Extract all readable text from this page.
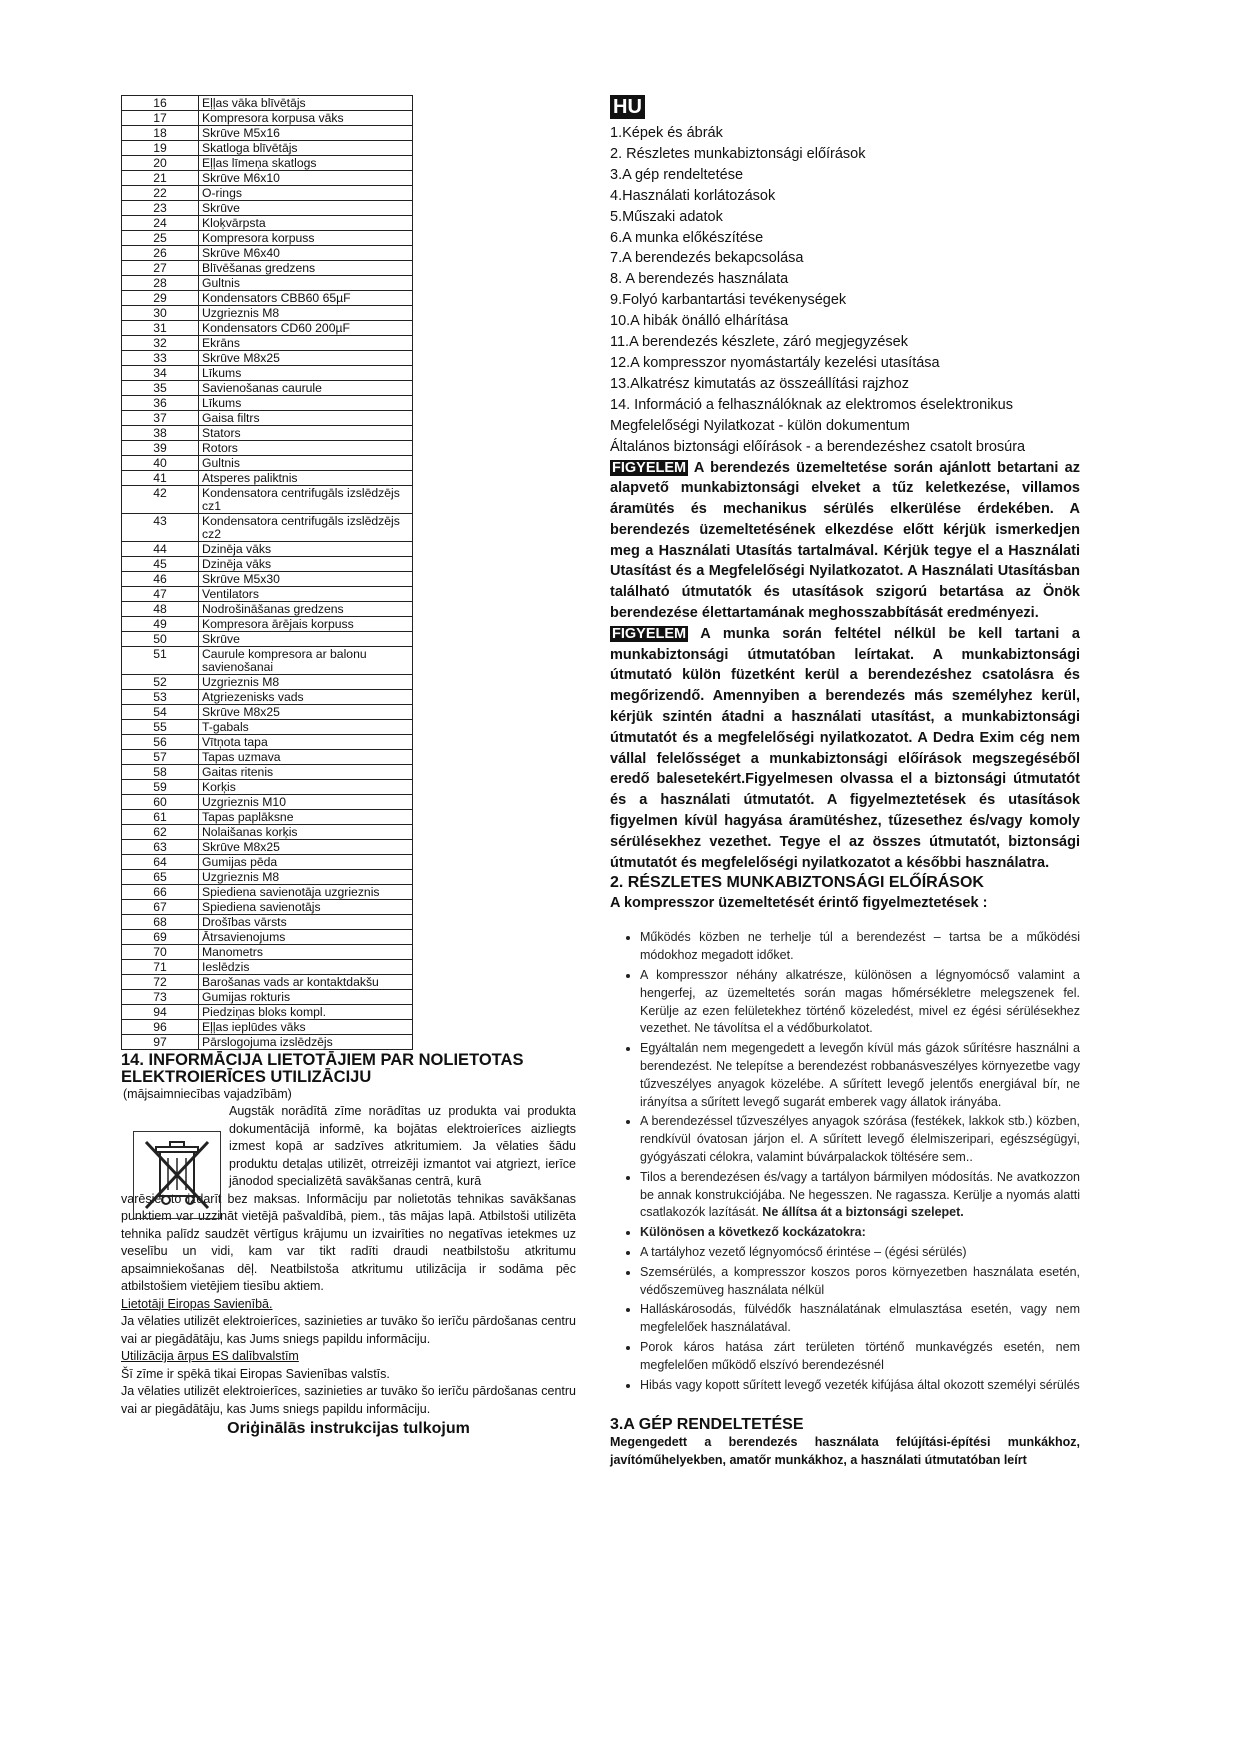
16	Eļļas vāka blīvētājs
17	Kompresora korpusa vāks
18	Skrūve M5x16
19	Skatloga blīvētājs
20	Eļļas līmeņa skatlogs
21	Skrūve M6x10
22	O-rings
23	Skrūve
24	Kloķvārpsta
25	Kompresora korpuss
26	Skrūve M6x40
27	Blīvēšanas gredzens
28	Gultnis
29	Kondensators CBB60 65µF
30	Uzgrieznis M8
31	Kondensators CD60 200µF
32	Ekrāns
33	Skrūve M8x25
34	Līkums
35	Savienošanas caurule
36	Līkums
37	Gaisa filtrs
38	Stators
39	Rotors
40	Gultnis
41	Atsperes paliktnis
42	Kondensatora centrifugāls izslēdzējs cz1
43	Kondensatora centrifugāls izslēdzējs cz2
44	Dzinēja vāks
45	Dzinēja vāks
46	Skrūve M5x30
47	Ventilators
48	Nodrošināšanas gredzens
49	Kompresora ārējais korpuss
50	Skrūve
51	Caurule kompresora ar balonu savienošanai
52	Uzgrieznis M8
53	Atgriezenisks vads
54	Skrūve M8x25
55	T-gabals
56	Vītņota tapa
57	Tapas uzmava
58	Gaitas ritenis
59	Korķis
60	Uzgrieznis M10
61	Tapas paplāksne
62	Nolaišanas korķis
63	Skrūve M8x25
64	Gumijas pēda
65	Uzgrieznis M8
66	Spiediena savienotāja uzgrieznis
67	Spiediena savienotājs
68	Drošības vārsts
69	Ātrsavienojums
70	Manometrs
71	Ieslēdzis
72	Barošanas vads ar kontaktdakšu
73	Gumijas rokturis
94	Piedziņas bloks kompl.
96	Eļļas ieplūdes vāks
97	Pārslogojuma izslēdzējs
14. INFORMĀCIJA LIETOTĀJIEM PAR NOLIETOTAS ELEKTROIERĪCES UTILIZĀCIJU
(mājsaimniecības vajadzībām)
Augstāk norādītā zīme norādītas uz produkta vai produkta dokumentācijā informē, ka bojātas elektroierīces aizliegts izmest kopā ar sadzīves atkritumiem. Ja vēlaties šādu produktu detaļas utilizēt, otrreizēji izmantot vai atgriezt, ierīce jānodod specializētā savākšanas centrā, kurā
varēsiet to izdarīt bez maksas. Informāciju par nolietotās tehnikas savākšanas punktiem var uzzināt vietējā pašvaldībā, piem., tās mājas lapā. Atbilstoši utilizēta tehnika palīdz saudzēt vērtīgus krājumu un izvairīties no negatīvas ietekmes uz veselību un vidi, kam var tikt radīti draudi neatbilstošu atkritumu apsaimniekošanas dēļ. Neatbilstoša atkritumu utilizācija ir sodāma pēc atbilstošiem vietējiem tiesību aktiem.
Lietotāji Eiropas Savienībā.
Ja vēlaties utilizēt elektroierīces, sazinieties ar tuvāko šo ierīču pārdošanas centru vai ar piegādātāju, kas Jums sniegs papildu informāciju.
Utilizācija ārpus ES dalībvalstīm
Šī zīme ir spēkā tikai Eiropas Savienības valstīs.
Ja vēlaties utilizēt elektroierīces, sazinieties ar tuvāko šo ierīču pārdošanas centru vai ar piegādātāju, kas Jums sniegs papildu informāciju.
Oriģinālās instrukcijas tulkojum
HU
1.Képek és ábrák
2. Részletes munkabiztonsági előírások
3.A gép rendeltetése
4.Használati korlátozások
5.Műszaki adatok
6.A munka előkészítése
7.A berendezés bekapcsolása
8. A berendezés használata
9.Folyó karbantartási tevékenységek
10.A hibák önálló elhárítása
11.A berendezés készlete, záró megjegyzések
12.A kompresszor nyomástartály kezelési utasítása
13.Alkatrész kimutatás az összeállítási rajzhoz
14. Információ a felhasználóknak az elektromos éselektronikus
Megfelelőségi Nyilatkozat - külön dokumentum
Általános biztonsági előírások - a berendezéshez csatolt brosúra
FIGYELEM A berendezés üzemeltetése során ajánlott betartani az alapvető munkabiztonsági elveket a tűz keletkezése, villamos áramütés és mechanikus sérülés elkerülése érdekében. A berendezés üzemeltetésének elkezdése előtt kérjük ismerkedjen meg a Használati Utasítás tartalmával. Kérjük tegye el a Használati Utasítást és a Megfelelőségi Nyilatkozatot. A Használati Utasításban található útmutatók és utasítások szigorú betartása az Önök berendezése élettartamának meghosszabbítását eredményezi.
FIGYELEM A munka során feltétel nélkül be kell tartani a munkabiztonsági útmutatóban leírtakat. A munkabiztonsági útmutató külön füzetként kerül a berendezéshez csatolásra és megőrizendő. Amennyiben a berendezés más személyhez kerül, kérjük szintén átadni a használati utasítást, a munkabiztonsági útmutatót és a megfelelőségi nyilatkozatot. A Dedra Exim cég nem vállal felelősséget a munkabiztonsági előírások megszegéséből eredő balesetekért.Figyelmesen olvassa el a biztonsági útmutatót és a használati útmutatót. A figyelmeztetések és utasítások figyelmen kívül hagyása áramütéshez, tűzesethez és/vagy komoly sérülésekhez vezethet. Tegye el az összes útmutatót, biztonsági útmutatót és megfelelőségi nyilatkozatot a későbbi használatra.
2. RÉSZLETES MUNKABIZTONSÁGI ELŐÍRÁSOK
A kompresszor üzemeltetését érintő figyelmeztetések :
• Működés közben ne terhelje túl a berendezést – tartsa be a működési módokhoz megadott időket.
• A kompresszor néhány alkatrésze, különösen a légnyomócső valamint a hengerfej, az üzemeltetés során magas hőmérsékletre melegszenek fel. Kerülje az ezen felületekhez történő közeledést, mivel ez égési sérülésekhez vezethet. Ne távolítsa el a védőburkolatot.
• Egyáltalán nem megengedett a levegőn kívül más gázok sűrítésre használni a berendezést. Ne telepítse a berendezést robbanásveszélyes környezetbe vagy tűzveszélyes anyagok közelébe. A sűrített levegő jelentős energiával bír, ne irányítsa a sűrített levegő sugarát emberek vagy állatok irányába.
• A berendezéssel tűzveszélyes anyagok szórása (festékek, lakkok stb.) közben, rendkívül óvatosan járjon el. A sűrített levegő élelmiszeripari, egészségügyi, gyógyászati célokra, valamint búvárpalackok töltésére sem..
• Tilos a berendezésen és/vagy a tartályon bármilyen módosítás. Ne avatkozzon be annak konstrukciójába. Ne hegesszen. Ne ragassza. Kerülje a nyomás alatti csatlakozók lazítását. Ne állítsa át a biztonsági szelepet.
• Különösen a következő kockázatokra:
• A tartályhoz vezető légnyomócső érintése – (égési sérülés)
• Szemsérülés, a kompresszor koszos poros környezetben használata esetén, védőszemüveg használata nélkül
• Halláskárosodás, fülvédők használatának elmulasztása esetén, vagy nem megfelelőek használatával.
• Porok káros hatása zárt területen történő munkavégzés esetén, nem megfelelően működő elszívó berendezésnél
• Hibás vagy kopott sűrített levegő vezeték kifújása által okozott személyi sérülés
3.A GÉP RENDELTETÉSE
Megengedett a berendezés használata felújítási-építési munkákhoz, javítóműhelyekben, amatőr munkákhoz, a használati útmutatóban leírt
